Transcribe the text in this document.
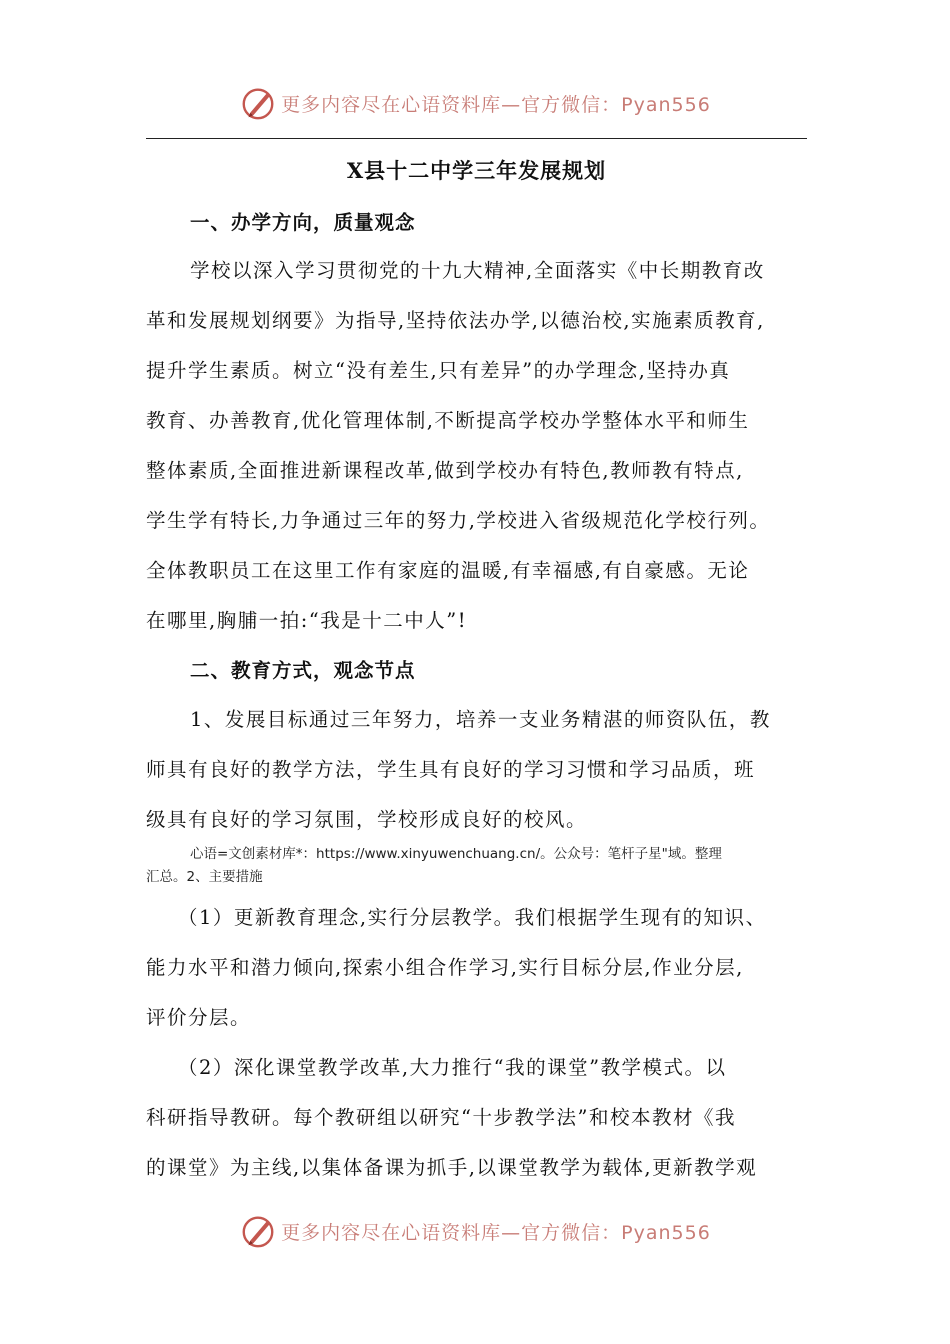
更多内容尽在心语资料库—官方微信：Pyan556
X县十二中学三年发展规划
一、办学方向，质量观念
学校以深入学习贯彻党的十九大精神,全面落实《中长期教育改
革和发展规划纲要》为指导,坚持依法办学,以德治校,实施素质教育,
提升学生素质。树立“没有差生,只有差异”的办学理念,坚持办真
教育、办善教育,优化管理体制,不断提高学校办学整体水平和师生
整体素质,全面推进新课程改革,做到学校办有特色,教师教有特点,
学生学有特长,力争通过三年的努力,学校进入省级规范化学校行列。
全体教职员工在这里工作有家庭的温暖,有幸福感,有自豪感。无论
在哪里,胸脯一拍:“我是十二中人”!
二、教育方式，观念节点
1、发展目标通过三年努力，培养一支业务精湛的师资队伍，教
师具有良好的教学方法，学生具有良好的学习习惯和学习品质，班
级具有良好的学习氛围，学校形成良好的校风。
心语=文创素材库*：https://www.xinyuwenchuang.cn/。公众号：笔杆子星"域。整理
汇总。2、主要措施
（1）更新教育理念,实行分层教学。我们根据学生现有的知识、
能力水平和潜力倾向,探索小组合作学习,实行目标分层,作业分层,
评价分层。
（2）深化课堂教学改革,大力推行“我的课堂”教学模式。以
科研指导教研。每个教研组以研究“十步教学法”和校本教材《我
的课堂》为主线,以集体备课为抓手,以课堂教学为载体,更新教学观
更多内容尽在心语资料库—官方微信：Pyan556
